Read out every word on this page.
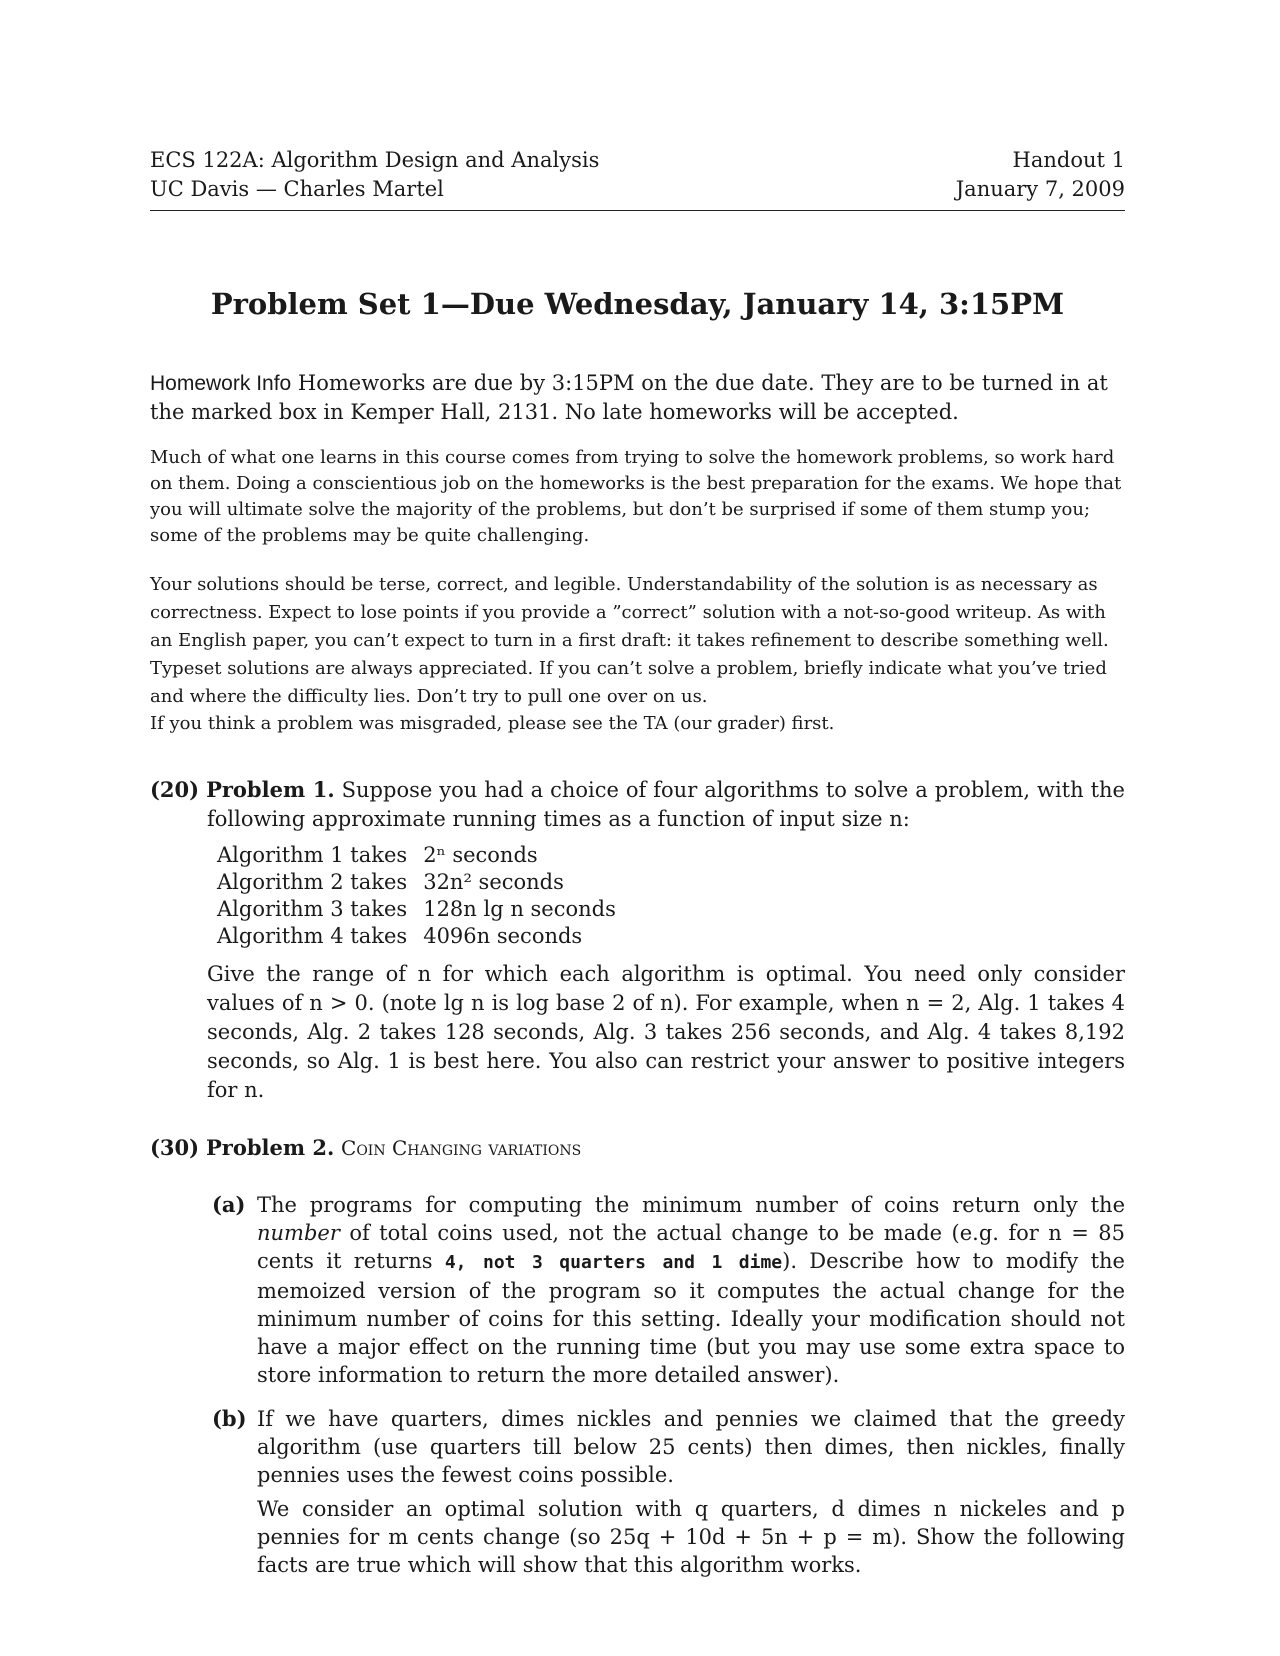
ECS 122A: Algorithm Design and Analysis
UC Davis — Charles Martel
Handout 1
January 7, 2009
Problem Set 1—Due Wednesday, January 14, 3:15PM
Homework Info Homeworks are due by 3:15PM on the due date. They are to be turned in at the marked box in Kemper Hall, 2131. No late homeworks will be accepted.

Much of what one learns in this course comes from trying to solve the homework problems, so work hard on them. Doing a conscientious job on the homeworks is the best preparation for the exams. We hope that you will ultimate solve the majority of the problems, but don’t be surprised if some of them stump you; some of the problems may be quite challenging.

Your solutions should be terse, correct, and legible. Understandability of the solution is as necessary as correctness. Expect to lose points if you provide a ”correct” solution with a not-so-good writeup. As with an English paper, you can’t expect to turn in a first draft: it takes refinement to describe something well. Typeset solutions are always appreciated. If you can’t solve a problem, briefly indicate what you’ve tried and where the difficulty lies. Don’t try to pull one over on us.

If you think a problem was misgraded, please see the TA (our grader) first.

(20) Problem 1. Suppose you had a choice of four algorithms to solve a problem, with the following approximate running times as a function of input size n:
Algorithm 1 takes	2ⁿ seconds
Algorithm 2 takes	32n² seconds
Algorithm 3 takes	128n lg n seconds
Algorithm 4 takes	4096n seconds
Give the range of n for which each algorithm is optimal. You need only consider values of n > 0. (note lg n is log base 2 of n). For example, when n = 2, Alg. 1 takes 4 seconds, Alg. 2 takes 128 seconds, Alg. 3 takes 256 seconds, and Alg. 4 takes 8,192 seconds, so Alg. 1 is best here. You also can restrict your answer to positive integers for n.
(30) Problem 2. Coin Changing variations
(a) The programs for computing the minimum number of coins return only the number of total coins used, not the actual change to be made (e.g. for n = 85 cents it returns 4, not 3 quarters and 1 dime). Describe how to modify the memoized version of the program so it computes the actual change for the minimum number of coins for this setting. Ideally your modification should not have a major effect on the running time (but you may use some extra space to store information to return the more detailed answer).

(b) If we have quarters, dimes nickles and pennies we claimed that the greedy algorithm (use quarters till below 25 cents) then dimes, then nickles, finally pennies uses the fewest coins possible.

We consider an optimal solution with q quarters, d dimes n nickeles and p pennies for m cents change (so 25q + 10d + 5n + p = m). Show the following facts are true which will show that this algorithm works.
